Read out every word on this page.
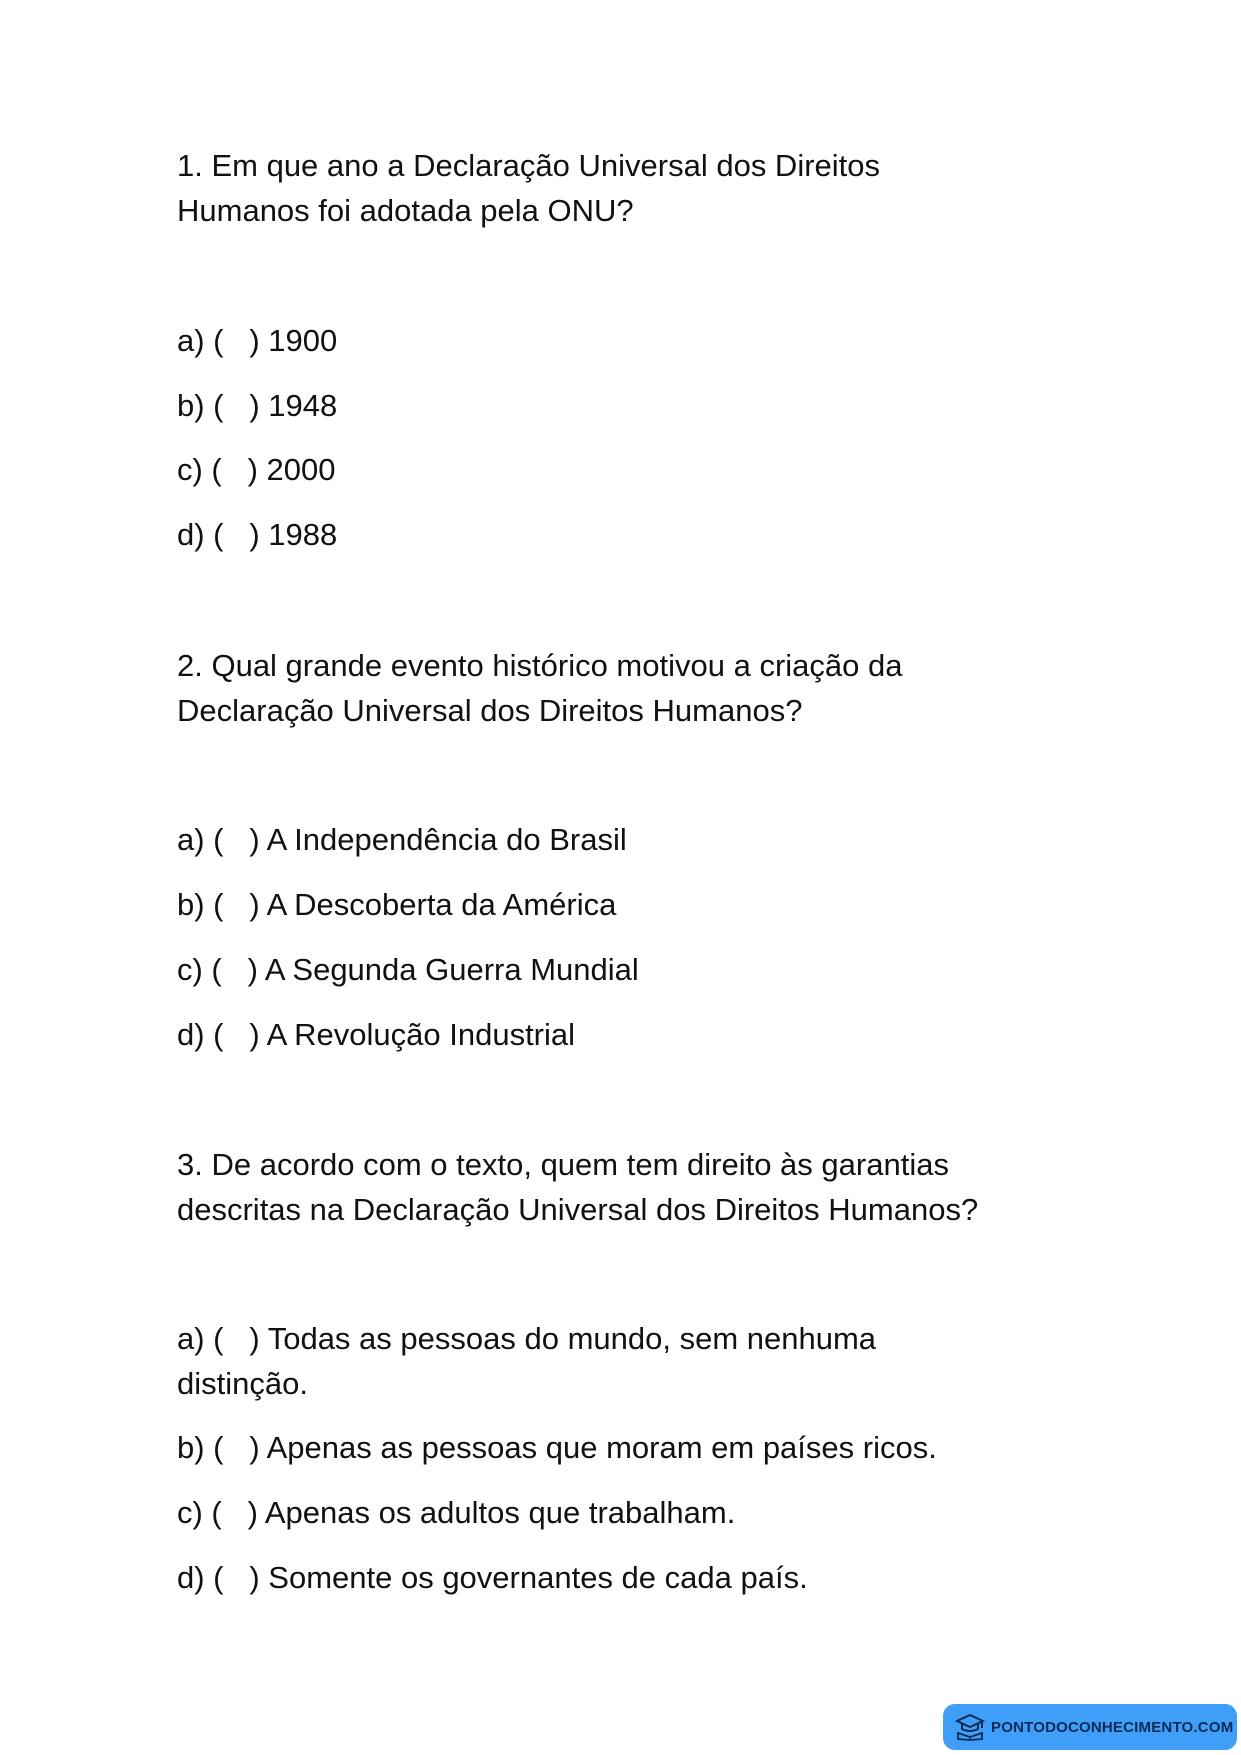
1. Em que ano a Declaração Universal dos Direitos
Humanos foi adotada pela ONU?
a) (   ) 1900
b) (   ) 1948
c) (   ) 2000
d) (   ) 1988
2. Qual grande evento histórico motivou a criação da
Declaração Universal dos Direitos Humanos?
a) (   ) A Independência do Brasil
b) (   ) A Descoberta da América
c) (   ) A Segunda Guerra Mundial
d) (   ) A Revolução Industrial
3. De acordo com o texto, quem tem direito às garantias
descritas na Declaração Universal dos Direitos Humanos?
a) (   ) Todas as pessoas do mundo, sem nenhuma distinção.
b) (   ) Apenas as pessoas que moram em países ricos.
c) (   ) Apenas os adultos que trabalham.
d) (   ) Somente os governantes de cada país.
PONTODOCONHECIMENTO.COM
